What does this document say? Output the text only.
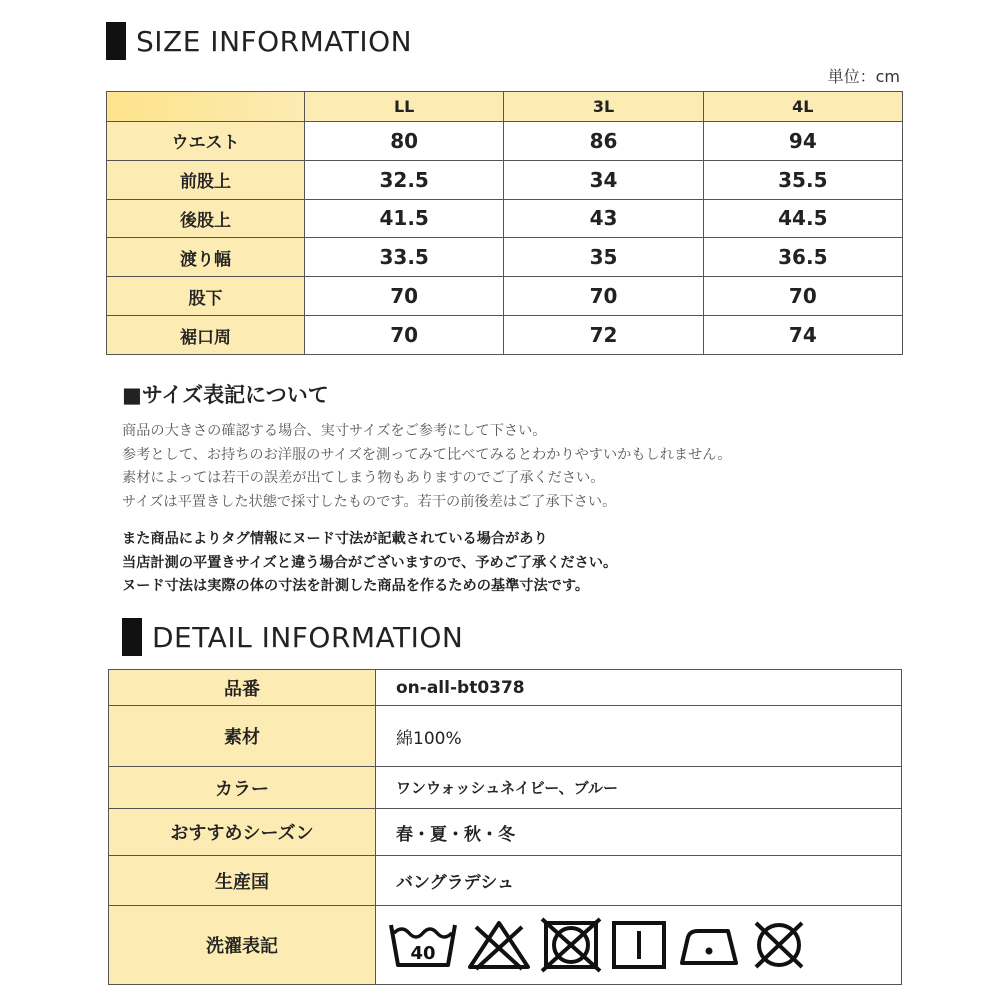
SIZE INFORMATION
単位：cm
	LL	3L	4L
ウエスト	80	86	94
前股上	32.5	34	35.5
後股上	41.5	43	44.5
渡り幅	33.5	35	36.5
股下	70	70	70
裾口周	70	72	74
■サイズ表記について
商品の大きさの確認する場合、実寸サイズをご参考にして下さい。
参考として、お持ちのお洋服のサイズを測ってみて比べてみるとわかりやすいかもしれません。
素材によっては若干の誤差が出てしまう物もありますのでご了承ください。
サイズは平置きした状態で採寸したものです。若干の前後差はご了承下さい。
また商品によりタグ情報にヌード寸法が記載されている場合があり
当店計測の平置きサイズと違う場合がございますので、予めご了承ください。
ヌード寸法は実際の体の寸法を計測した商品を作るための基準寸法です。
DETAIL INFORMATION
品番	on-all-bt0378
素材	綿100%
カラー	ワンウォッシュネイビー、ブルー
おすすめシーズン	春・夏・秋・冬
生産国	バングラデシュ
洗濯表記	40
